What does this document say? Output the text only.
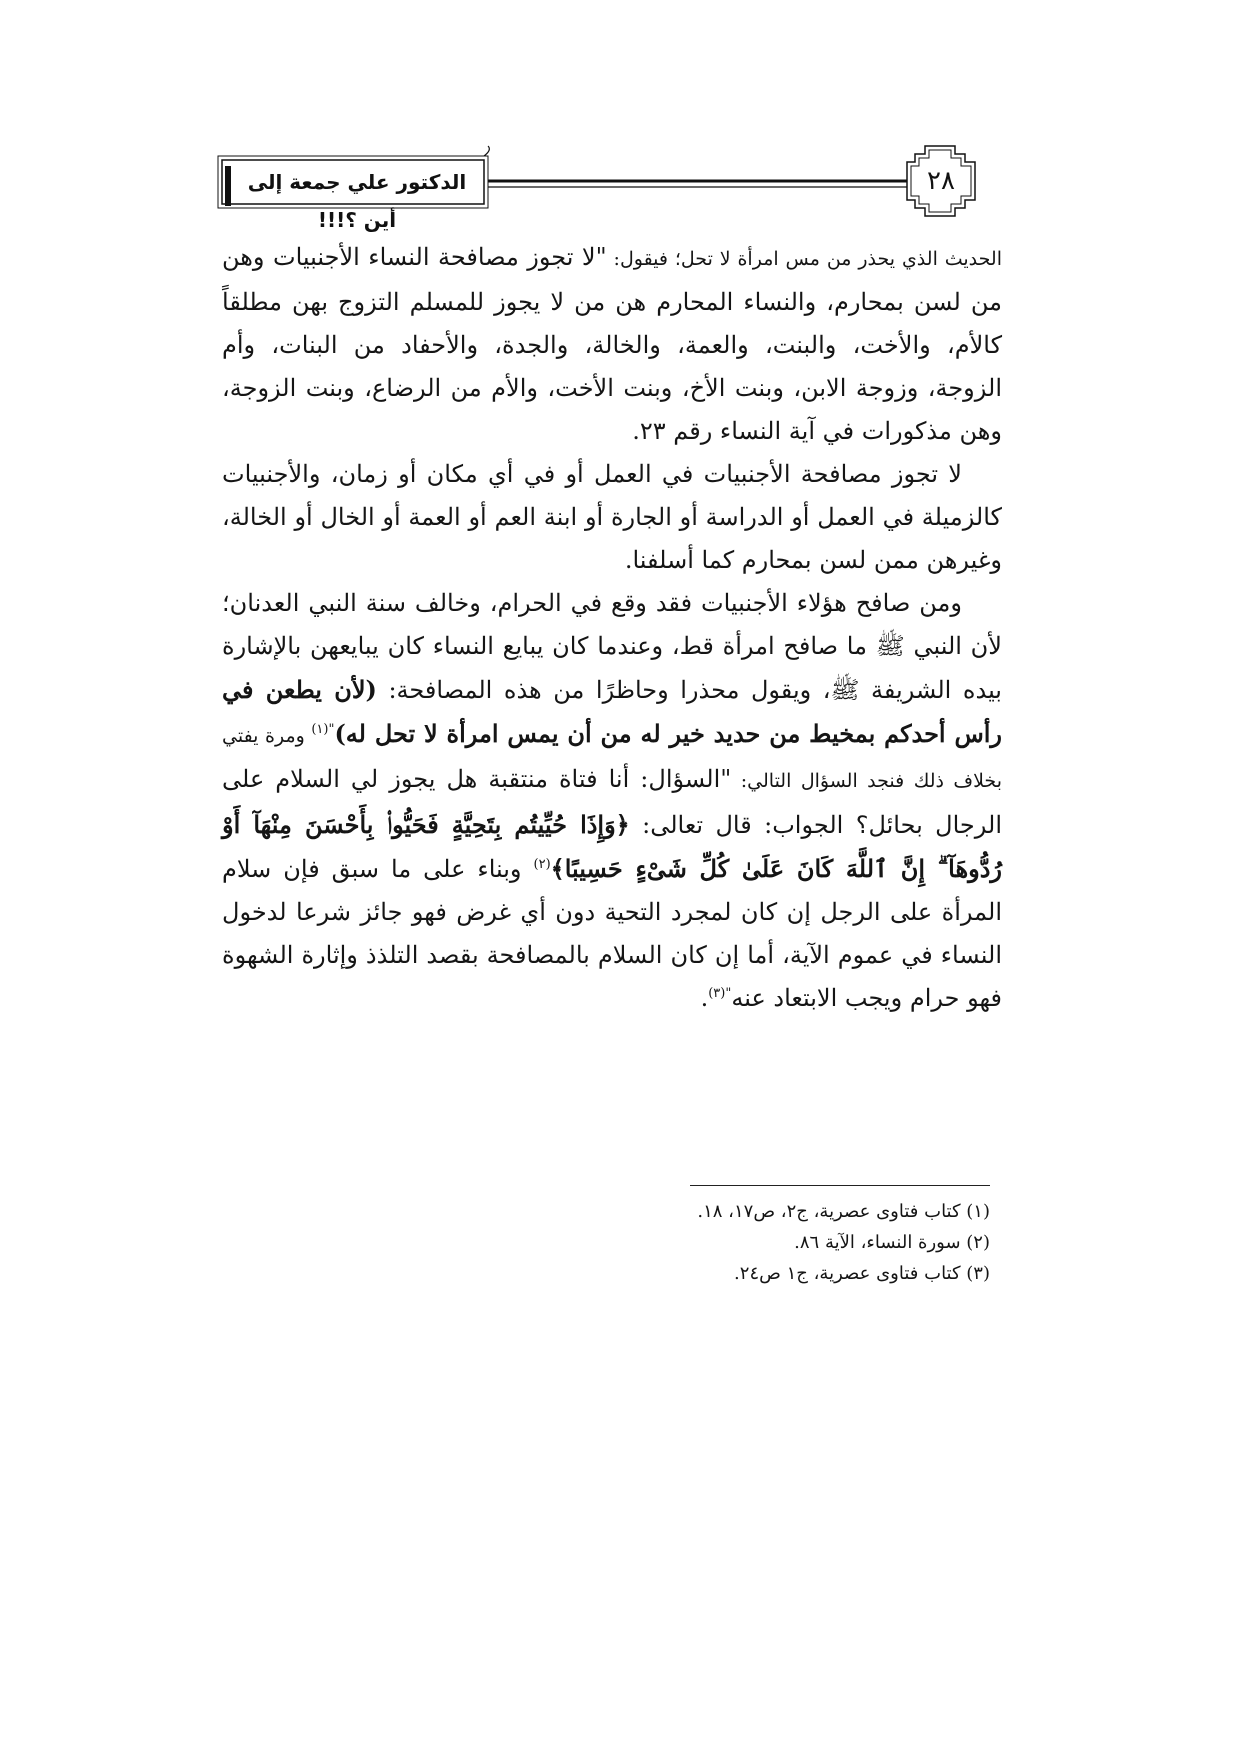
الدكتور علي جمعة إلى أين ؟!!!
٢٨

الحديث الذي يحذر من مس امرأة لا تحل؛ فيقول: "لا تجوز مصافحة النساء الأجنبيات وهن من لسن بمحارم، والنساء المحارم هن من لا يجوز للمسلم التزوج بهن مطلقاً كالأم، والأخت، والبنت، والعمة، والخالة، والجدة، والأحفاد من البنات، وأم الزوجة، وزوجة الابن، وبنت الأخ، وبنت الأخت، والأم من الرضاع، وبنت الزوجة، وهن مذكورات في آية النساء رقم ٢٣.

لا تجوز مصافحة الأجنبيات في العمل أو في أي مكان أو زمان، والأجنبيات كالزميلة في العمل أو الدراسة أو الجارة أو ابنة العم أو العمة أو الخال أو الخالة، وغيرهن ممن لسن بمحارم كما أسلفنا.

ومن صافح هؤلاء الأجنبيات فقد وقع في الحرام، وخالف سنة النبي العدنان؛ لأن النبي ﷺ ما صافح امرأة قط، وعندما كان يبايع النساء كان يبايعهن بالإشارة بيده الشريفة ﷺ، ويقول محذرا وحاظرًا من هذه المصافحة: (لأن يطعن في رأس أحدكم بمخيط من حديد خير له من أن يمس امرأة لا تحل له)$^{"(١)}$ ومرة يفتي بخلاف ذلك فنجد السؤال التالي: "السؤال: أنا فتاة منتقبة هل يجوز لي السلام على الرجال بحائل؟ الجواب: قال تعالى: ﴿وَإِذَا حُيِّيتُم بِتَحِيَّةٍ فَحَيُّوا۟ بِأَحْسَنَ مِنْهَآ أَوْ رُدُّوهَآ ۗ إِنَّ ٱللَّهَ كَانَ عَلَىٰ كُلِّ شَىْءٍ حَسِيبًا﴾$^{(٢)}$ وبناء على ما سبق فإن سلام المرأة على الرجل إن كان لمجرد التحية دون أي غرض فهو جائز شرعا لدخول النساء في عموم الآية، أما إن كان السلام بالمصافحة بقصد التلذذ وإثارة الشهوة فهو حرام ويجب الابتعاد عنه$^{"(٣)}$.

(١) كتاب فتاوى عصرية، ج٢، ص١٧، ١٨.
(٢) سورة النساء، الآية ٨٦.
(٣) كتاب فتاوى عصرية، ج١ ص٢٤.
